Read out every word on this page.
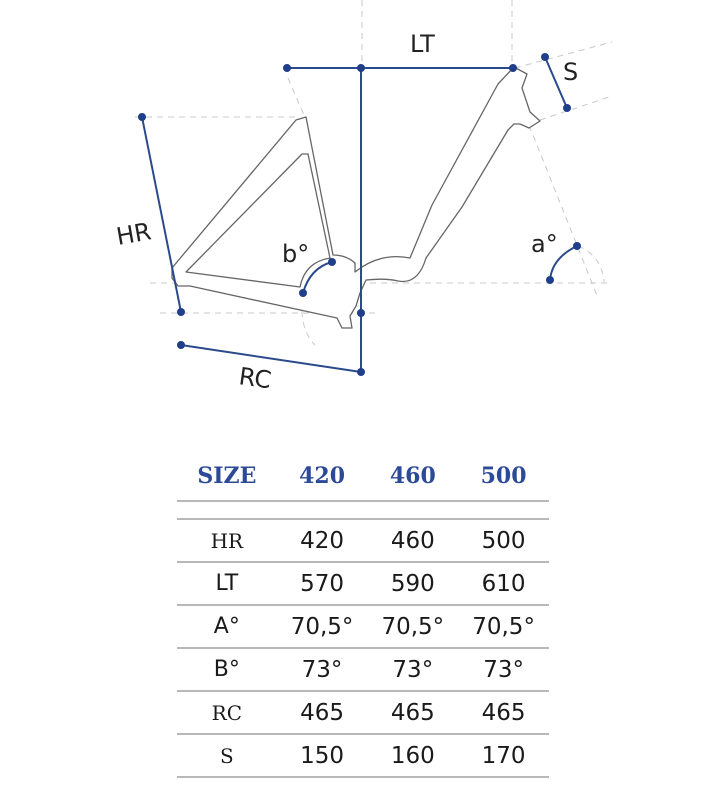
LT
S
HR
RC
b°	a°
SIZE	420	460	500

HR	420	460	500
LT	570	590	610
A°	70,5°	70,5°	70,5°
B°	73°	73°	73°
RC	465	465	465
S	150	160	170
